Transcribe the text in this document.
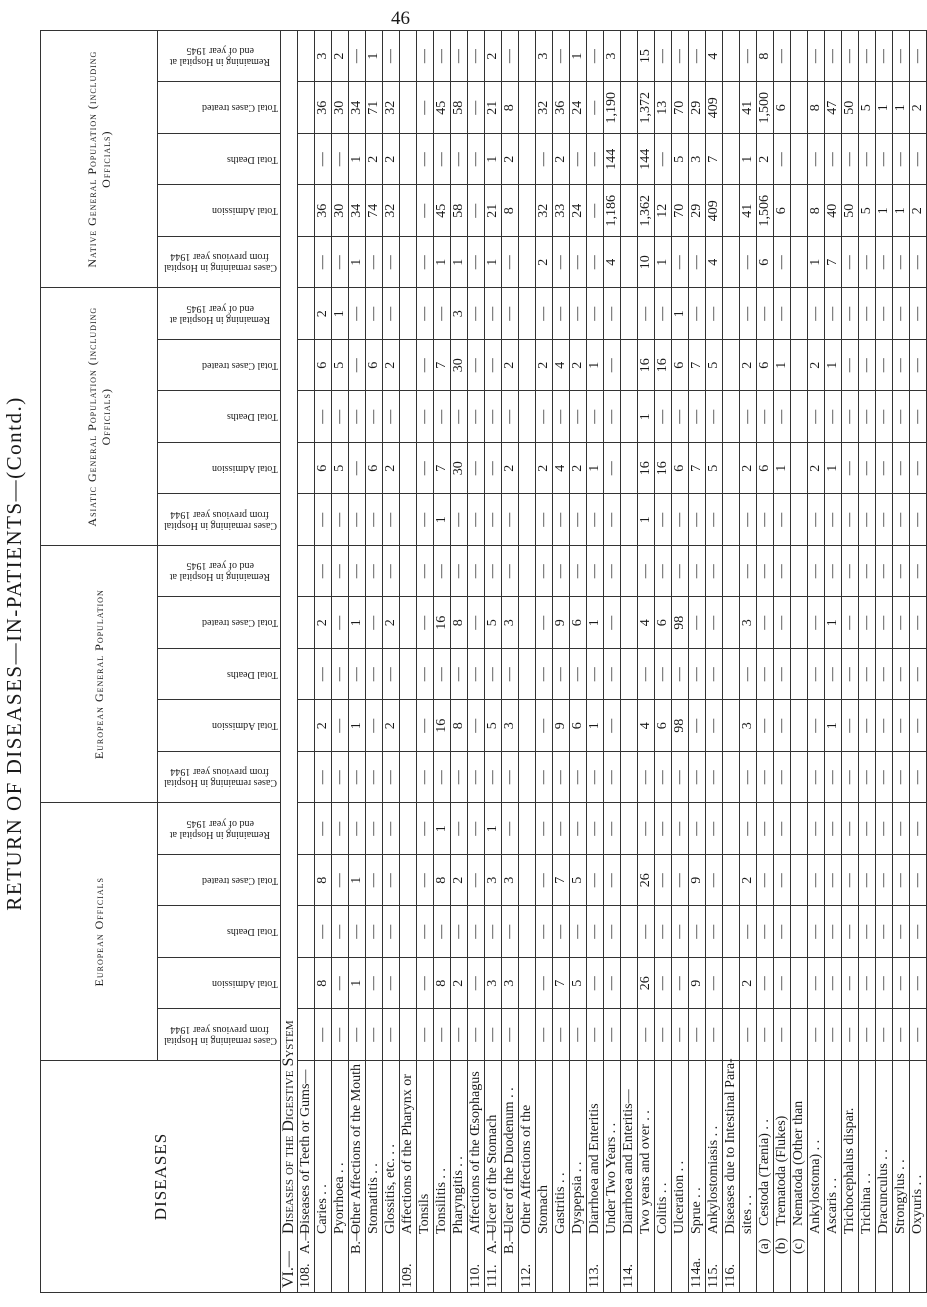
46
RETURN OF DISEASES—IN-PATIENTS—(Contd.)
DISEASES	European Officials					European General Population					Asiatic General Population (including Officials)					Native General Population (including Officials)				

	Cases remaining in Hospital from previous year 1944	Total Admission	Total Deaths	Total Cases treated	Remaining in Hospital at end of year 1945	Cases remaining in Hospital from previous year 1944	Total Admission	Total Deaths	Total Cases treated	Remaining in Hospital at end of year 1945	Cases remaining in Hospital from previous year 1944	Total Admission	Total Deaths	Total Cases treated	Remaining in Hospital at end of year 1945	Cases remaining in Hospital from previous year 1944	Total Admission	Total Deaths	Total Cases treated	Remaining in Hospital at end of year 1945

VI.—Diseases of the Digestive System																				
108.A.—Diseases of Teeth or Gums—																				
Caries . .	—	8	—	8	—	—	2	—	2	—	—	6	—	6	2	—	36	—	36	3
Pyorrhoea . .	—	—	—	—	—	—	—	—	—	—	—	5	—	5	1	—	30	—	30	2
B.—Other Affections of the Mouth	—	1	—	1	—	—	1	—	1	—	—	—	—	—	—	1	34	1	34	—
Stomatitis . .	—	—	—	—	—	—	—	—	—	—	—	6	—	6	—	—	74	2	71	1
Glossitis, etc. . .	—	—	—	—	—	—	2	—	2	—	—	2	—	2	—	—	32	2	32	—
109.Affections of the Pharynx or																				
Tonsils	—	—	—	—	—	—	—	—	—	—	—	—	—	—	—	—	—	—	—	—
Tonsilitis . .	—	8	—	8	1	—	16	—	16	—	1	7	—	7	—	1	45	—	45	—
Pharyngitis . .	—	2	—	2	—	—	8	—	8	—	—	30	—	30	3	1	58	—	58	—
110.Affections of the Œsophagus	—	—	—	—	—	—	—	—	—	—	—	—	—	—	—	—	—	—	—	—
111.A.—Ulcer of the Stomach	—	3	—	3	1	—	5	—	5	—	—	—	—	—	—	1	21	1	21	2
B.—Ulcer of the Duodenum . .	—	3	—	3	—	—	3	—	3	—	—	2	—	2	—	—	8	2	8	—
112.Other Affections of the																				
Stomach	—	—	—	—	—	—	—	—	—	—	—	2	—	2	—	2	32	—	32	3
Gastritis . .	—	7	—	7	—	—	9	—	9	—	—	4	—	4	—	—	33	2	36	—
Dyspepsia . .	—	5	—	5	—	—	6	—	6	—	—	2	—	2	—	—	24	—	24	1
113.Diarrhoea and Enteritis	—	—	—	—	—	—	1	—	1	—	—	1	—	1	—	—	—	—	—	—
Under Two Years . .	—	—	—	—	—	—	—	—	—	—	—	—	—	—	—	4	1,186	144	1,190	3
114.Diarrhoea and Enteritis—																				
Two years and over . .	—	26	—	26	—	—	4	—	4	—	1	16	1	16	—	10	1,362	144	1,372	15
Colitis . .	—	—	—	—	—	—	6	—	6	—	—	16	—	16	—	1	12	—	13	—
Ulceration . .	—	—	—	—	—	—	98	—	98	—	—	6	—	6	1	—	70	5	70	—
114a.Sprue . .	—	9	—	9	—	—	—	—	—	—	—	7	—	7	—	—	29	3	29	—
115.Ankylostomiasis . .	—	—	—	—	—	—	—	—	—	—	—	5	—	5	—	4	409	7	409	4
116.Diseases due to Intestinal Para-																				
sites . .	—	2	—	2	—	—	3	—	3	—	—	2	—	2	—	—	41	1	41	—
(a)Cestoda (Tænia) . .	—	—	—	—	—	—	—	—	—	—	—	6	—	6	—	6	1,506	2	1,500	8
(b)Trematoda (Flukes)	—	—	—	—	—	—	—	—	—	—	—	1	—	1	—	—	6	—	6	—
(c)Nematoda (Other than																				
Ankylostoma) . .	—	—	—	—	—	—	—	—	—	—	—	2	—	2	—	1	8	—	8	—
Ascaris . .	—	—	—	—	—	—	1	—	1	—	—	1	—	1	—	7	40	—	47	—
Trichocephalus dispar.	—	—	—	—	—	—	—	—	—	—	—	—	—	—	—	—	50	—	50	—
Trichina . .	—	—	—	—	—	—	—	—	—	—	—	—	—	—	—	—	5	—	5	—
Dracunculus . .	—	—	—	—	—	—	—	—	—	—	—	—	—	—	—	—	1	—	1	—
Strongylus . .	—	—	—	—	—	—	—	—	—	—	—	—	—	—	—	—	1	—	1	—
Oxyuris . .	—	—	—	—	—	—	—	—	—	—	—	—	—	—	—	—	2	—	2	—
